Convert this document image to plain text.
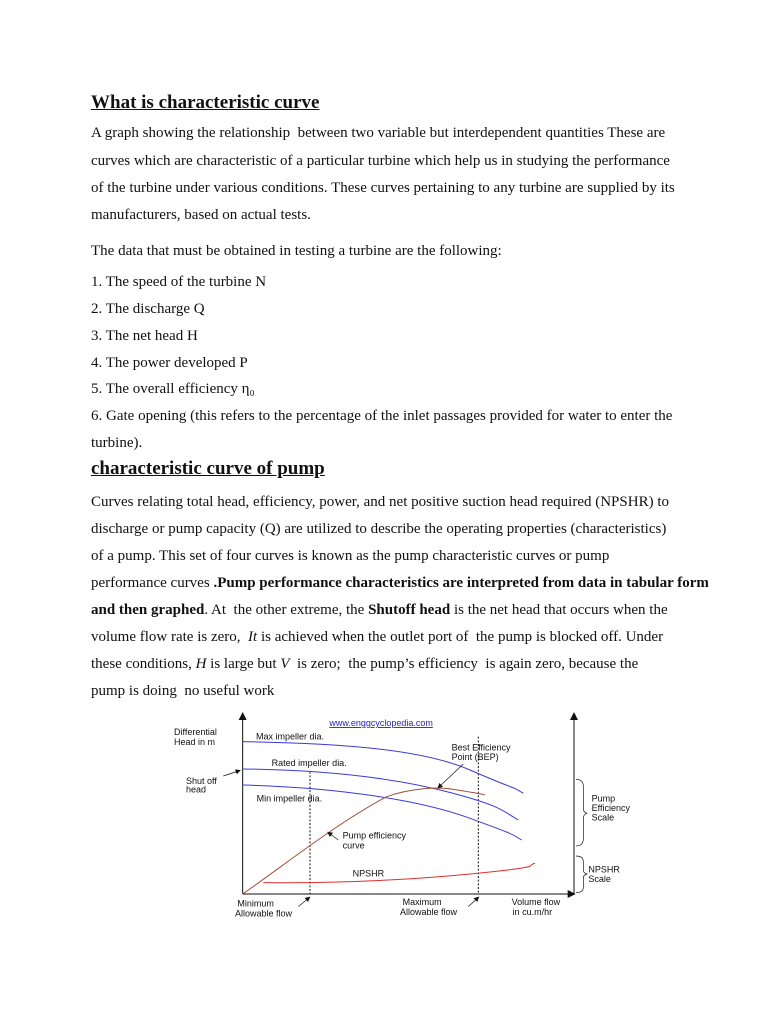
What is characteristic curve
A graph showing the relationship  between two variable but interdependent quantities These are
curves which are characteristic of a particular turbine which help us in studying the performance
of the turbine under various conditions. These curves pertaining to any turbine are supplied by its
manufacturers, based on actual tests.
The data that must be obtained in testing a turbine are the following:
1. The speed of the turbine N
2. The discharge Q
3. The net head H
4. The power developed P
5. The overall efficiency η₀
6. Gate opening (this refers to the percentage of the inlet passages provided for water to enter the
turbine).
characteristic curve of pump
Curves relating total head, efficiency, power, and net positive suction head required (NPSHR) to
discharge or pump capacity (Q) are utilized to describe the operating properties (characteristics)
of a pump. This set of four curves is known as the pump characteristic curves or pump
performance curves .Pump performance characteristics are interpreted from data in tabular form
and then graphed. At  the other extreme, the Shutoff head is the net head that occurs when the
volume flow rate is zero,  It is achieved when the outlet port of  the pump is blocked off. Under
these conditions, H is large but V  is zero;  the pump’s efficiency  is again zero, because the
pump is doing  no useful work
www.enggcyclopedia.com
Differential
Head in m
Max impeller dia.
Rated impeller dia.
Min impeller dia.
Shut off
head
Best Efficiency
Point (BEP)
Pump efficiency
curve
NPSHR
Pump
Efficiency
Scale
NPSHR
Scale
Minimum
Allowable flow
Maximum
Allowable flow
Volume flow
in cu.m/hr
